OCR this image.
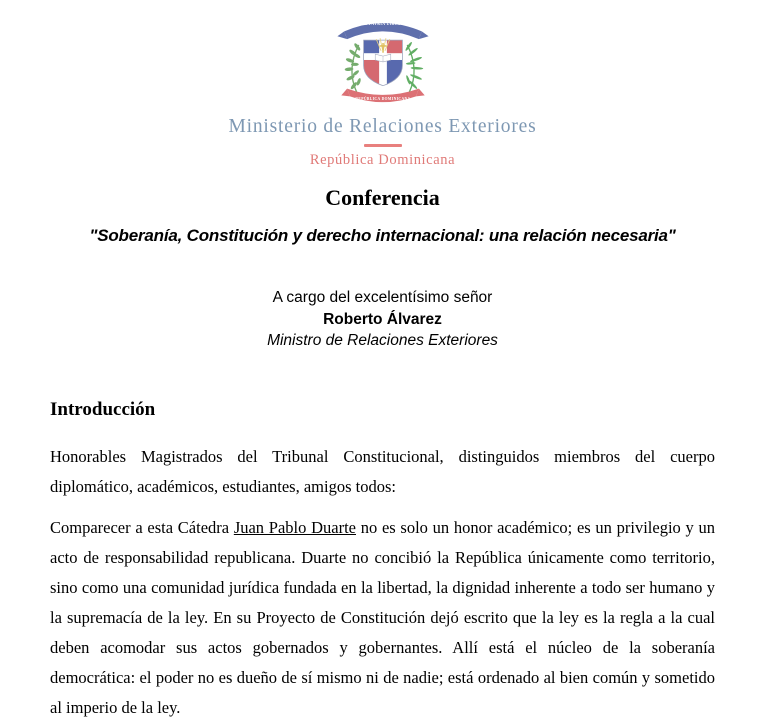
DIOS PATRIA LIBERTAD
REPÚBLICA DOMINICANA
Ministerio de Relaciones Exteriores
República Dominicana
Conferencia
"Soberanía, Constitución y derecho internacional: una relación necesaria"
A cargo del excelentísimo señor
Roberto Álvarez
Ministro de Relaciones Exteriores
Introducción

Honorables Magistrados del Tribunal Constitucional, distinguidos miembros del cuerpo diplomático, académicos, estudiantes, amigos todos:

Comparecer a esta Cátedra Juan Pablo Duarte no es solo un honor académico; es un privilegio y un acto de responsabilidad republicana. Duarte no concibió la República únicamente como territorio, sino como una comunidad jurídica fundada en la libertad, la dignidad inherente a todo ser humano y la supremacía de la ley. En su Proyecto de Constitución dejó escrito que la ley es la regla a la cual deben acomodar sus actos gobernados y gobernantes. Allí está el núcleo de la soberanía democrática: el poder no es dueño de sí mismo ni de nadie; está ordenado al bien común y sometido al imperio de la ley.
